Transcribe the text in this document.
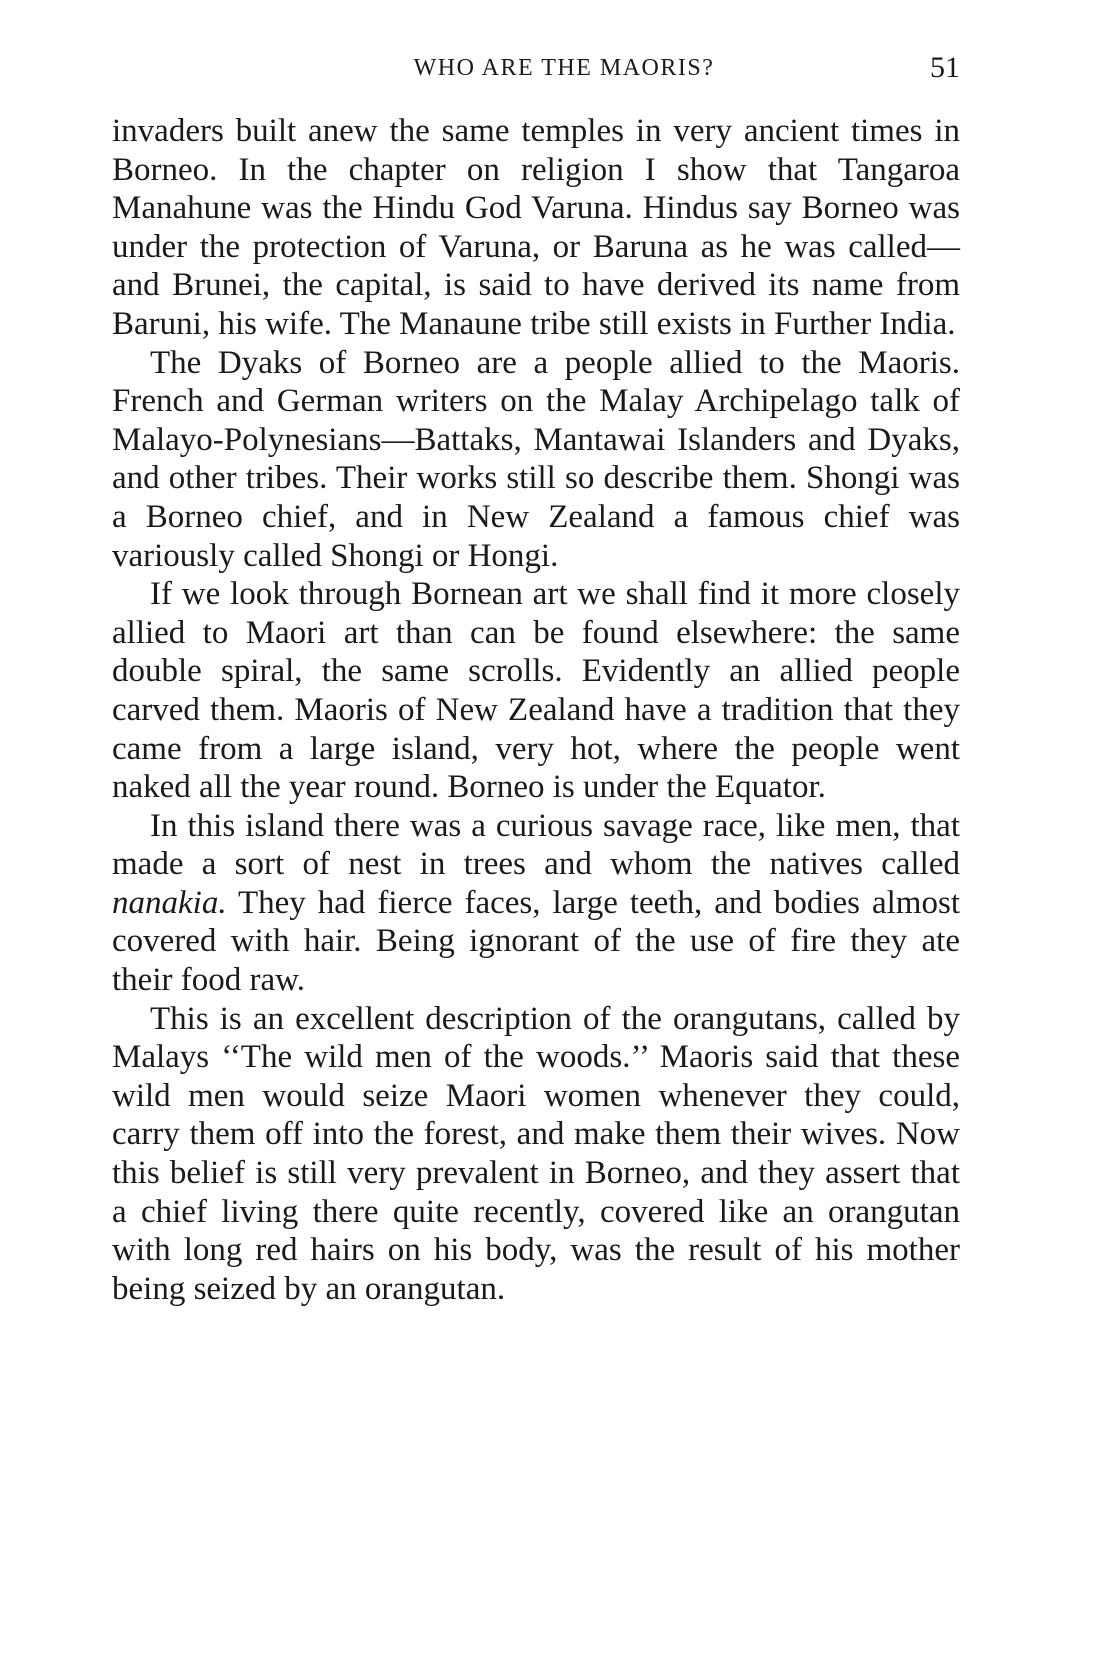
WHO ARE THE MAORIS?	51

invaders built anew the same temples in very ancient times in Borneo. In the chapter on religion I show that Tangaroa Manahune was the Hindu God Varuna. Hindus say Borneo was under the protection of Varuna, or Baruna as he was called—and Brunei, the capital, is said to have derived its name from Baruni, his wife. The Manaune tribe still exists in Further India.

The Dyaks of Borneo are a people allied to the Maoris. French and German writers on the Malay Archipelago talk of Malayo-Polynesians—Battaks, Mantawai Islanders and Dyaks, and other tribes. Their works still so describe them. Shongi was a Borneo chief, and in New Zealand a famous chief was variously called Shongi or Hongi.

If we look through Bornean art we shall find it more closely allied to Maori art than can be found elsewhere: the same double spiral, the same scrolls. Evidently an allied people carved them. Maoris of New Zealand have a tradition that they came from a large island, very hot, where the people went naked all the year round. Borneo is under the Equator.

In this island there was a curious savage race, like men, that made a sort of nest in trees and whom the natives called nanakia. They had fierce faces, large teeth, and bodies almost covered with hair. Being ignorant of the use of fire they ate their food raw.

This is an excellent description of the orangutans, called by Malays ‘‘The wild men of the woods.’’ Maoris said that these wild men would seize Maori women whenever they could, carry them off into the forest, and make them their wives. Now this belief is still very prevalent in Borneo, and they assert that a chief living there quite recently, covered like an orangutan with long red hairs on his body, was the result of his mother being seized by an orangutan.
